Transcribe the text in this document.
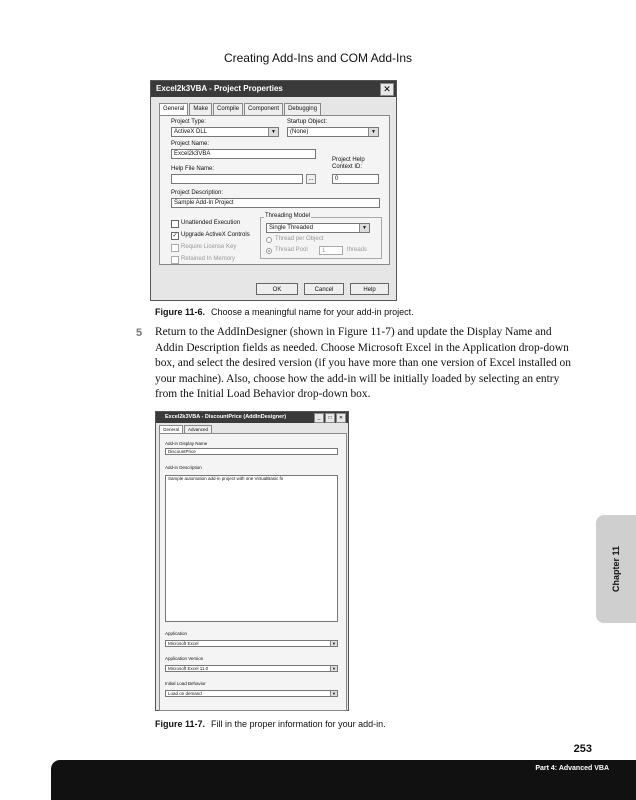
Creating Add-Ins and COM Add-Ins
Excel2k3VBA - Project Properties	✕
General	Make	Compile	Component	Debugging
Project Type:
ActiveX DLL	▼
Startup Object:
(None)	▼
Project Name:
Excel2k3VBA
Help File Name:
...
Project Help Context ID:
0
Project Description:
Sample Add-In Project
Unattended Execution
✓ Upgrade ActiveX Controls
Require License Key
Retained In Memory
Threading Model
Single Threaded	▼
Thread per Object
Thread Pool	1	threads
OK	Cancel	Help
Figure 11-6. Choose a meaningful name for your add-in project.
5 Return to the AddInDesigner (shown in Figure 11-7) and update the Display Name and Addin Description fields as needed. Choose Microsoft Excel in the Application drop-down box, and select the desired version (if you have more than one version of Excel installed on your machine). Also, choose how the add-in will be initially loaded by selecting an entry from the Initial Load Behavior drop-down box.
Excel2k3VBA - DiscountPrice (AddInDesigner)	_	□	✕
General	Advanced
Add-in Display Name
DiscountPrice
Add-in Description
Sample automation add-in project with one VirtualBasic fn
Application
Microsoft Excel	▼
Application Version
Microsoft Excel 11.0	▼
Initial Load Behavior
Load on demand	▼
Figure 11-7. Fill in the proper information for your add-in.
Chapter 11
253
Part 4: Advanced VBA
